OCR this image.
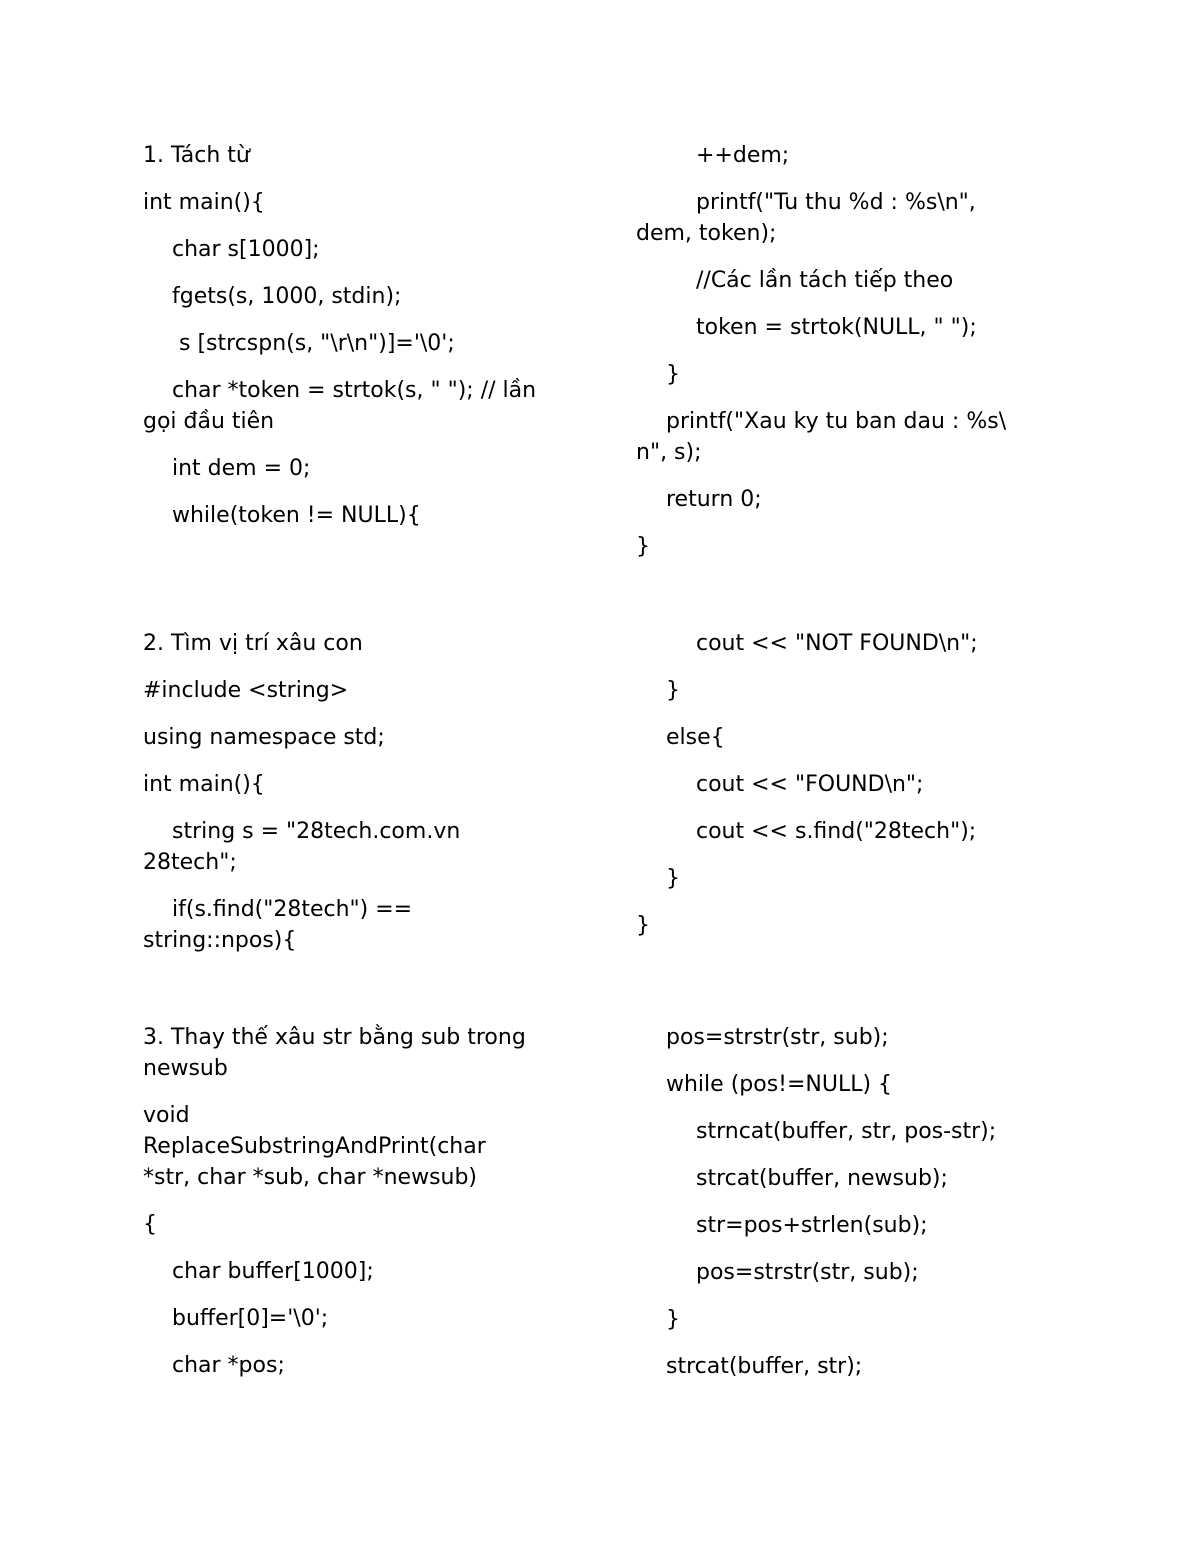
1. Tách từ
int main(){
char s[1000];
fgets(s, 1000, stdin);
s [strcspn(s, "\r\n")]='\0';
char *token = strtok(s, " "); // lần
gọi đầu tiên
int dem = 0;
while(token != NULL){
++dem;
printf("Tu thu %d : %s\n",
dem, token);
//Các lần tách tiếp theo
token = strtok(NULL, " ");
}
printf("Xau ky tu ban dau : %s\
n", s);
return 0;
}
2. Tìm vị trí xâu con
#include <string>
using namespace std;
int main(){
string s = "28tech.com.vn
28tech";
if(s.find("28tech") ==
string::npos){
cout << "NOT FOUND\n";
}
else{
cout << "FOUND\n";
cout << s.find("28tech");
}
}
3. Thay thế xâu str bằng sub trong
newsub
void
ReplaceSubstringAndPrint(char
*str, char *sub, char *newsub)
{
char buffer[1000];
buffer[0]='\0';
char *pos;
pos=strstr(str, sub);
while (pos!=NULL) {
strncat(buffer, str, pos-str);
strcat(buffer, newsub);
str=pos+strlen(sub);
pos=strstr(str, sub);
}
strcat(buffer, str);
